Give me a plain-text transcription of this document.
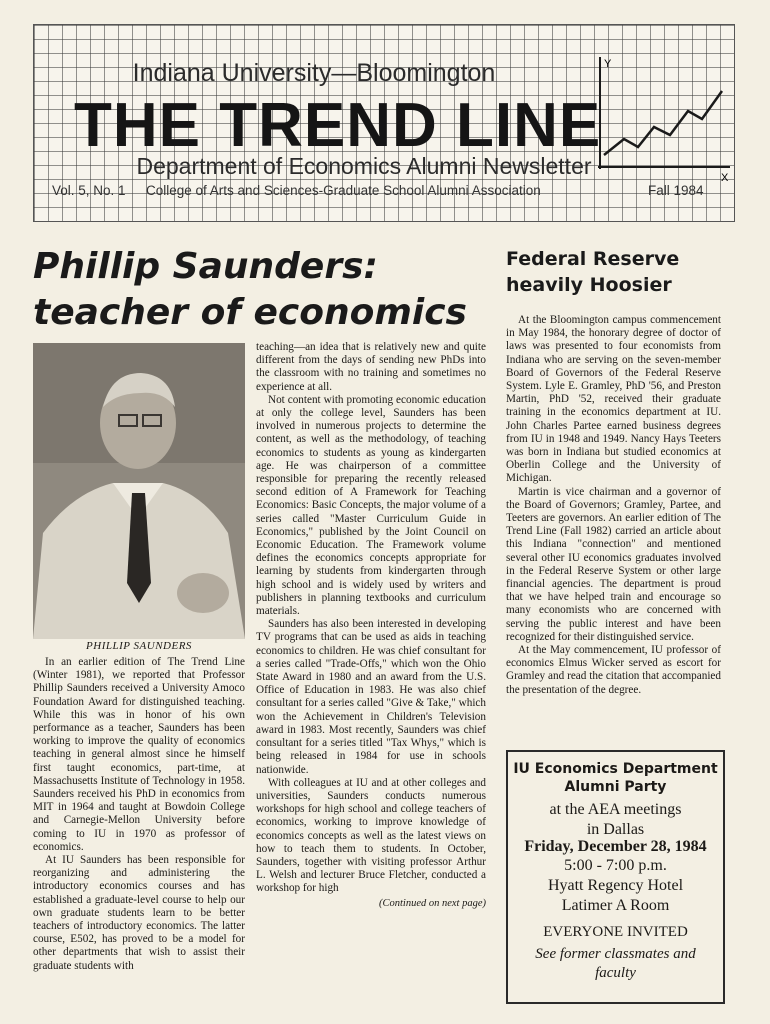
Indiana University—Bloomington
THE TREND LINE
Department of Economics Alumni Newsletter
Vol. 5, No. 1 College of Arts and Sciences-Graduate School Alumni Association	Fall 1984
Y
X
Phillip Saunders:
teacher of economics
PHILLIP SAUNDERS

In an earlier edition of The Trend Line (Winter 1981), we reported that Professor Phillip Saunders received a University Amoco Foundation Award for distinguished teaching. While this was in honor of his own performance as a teacher, Saunders has been working to improve the quality of economics teaching in general almost since he himself first taught economics, part-time, at Massachusetts Institute of Technology in 1958. Saunders received his PhD in economics from MIT in 1964 and taught at Bowdoin College and Carnegie-Mellon University before coming to IU in 1970 as professor of economics.

At IU Saunders has been responsible for reorganizing and administering the introductory economics courses and has established a graduate-level course to help our own graduate students learn to be better teachers of introductory economics. The latter course, E502, has proved to be a model for other departments that wish to assist their graduate students with

teaching—an idea that is relatively new and quite different from the days of sending new PhDs into the classroom with no training and sometimes no experience at all.

Not content with promoting economic education at only the college level, Saunders has been involved in numerous projects to determine the content, as well as the methodology, of teaching economics to students as young as kindergarten age. He was chairperson of a committee responsible for preparing the recently released second edition of A Framework for Teaching Economics: Basic Concepts, the major volume of a series called "Master Curriculum Guide in Economics," published by the Joint Council on Economic Education. The Framework volume defines the economics concepts appropriate for learning by students from kindergarten through high school and is widely used by writers and publishers in planning textbooks and curriculum materials.

Saunders has also been interested in developing TV programs that can be used as aids in teaching economics to children. He was chief consultant for a series called "Trade-Offs," which won the Ohio State Award in 1980 and an award from the U.S. Office of Education in 1983. He was also chief consultant for a series called "Give & Take," which won the Achievement in Children's Television award in 1983. Most recently, Saunders was chief consultant for a series titled "Tax Whys," which is being released in 1984 for use in schools nationwide.

With colleagues at IU and at other colleges and universities, Saunders conducts numerous workshops for high school and college teachers of economics, working to improve knowledge of economics concepts as well as the latest views on how to teach them to students. In October, Saunders, together with visiting professor Arthur L. Welsh and lecturer Bruce Fletcher, conducted a workshop for high

(Continued on next page)
Federal Reserve
heavily Hoosier

At the Bloomington campus commencement in May 1984, the honorary degree of doctor of laws was presented to four economists from Indiana who are serving on the seven-member Board of Governors of the Federal Reserve System. Lyle E. Gramley, PhD '56, and Preston Martin, PhD '52, received their graduate training in the economics department at IU. John Charles Partee earned business degrees from IU in 1948 and 1949. Nancy Hays Teeters was born in Indiana but studied economics at Oberlin College and the University of Michigan.

Martin is vice chairman and a governor of the Board of Governors; Gramley, Partee, and Teeters are governors. An earlier edition of The Trend Line (Fall 1982) carried an article about this Indiana "connection" and mentioned several other IU economics graduates involved in the Federal Reserve System or other large financial agencies. The department is proud that we have helped train and encourage so many economists who are concerned with serving the public interest and have been recognized for their distinguished service.

At the May commencement, IU professor of economics Elmus Wicker served as escort for Gramley and read the citation that accompanied the presentation of the degree.

IU Economics Department
Alumni Party
at the AEA meetings
in Dallas
Friday, December 28, 1984
5:00 - 7:00 p.m.
Hyatt Regency Hotel
Latimer A Room
EVERYONE INVITED
See former classmates and
faculty
